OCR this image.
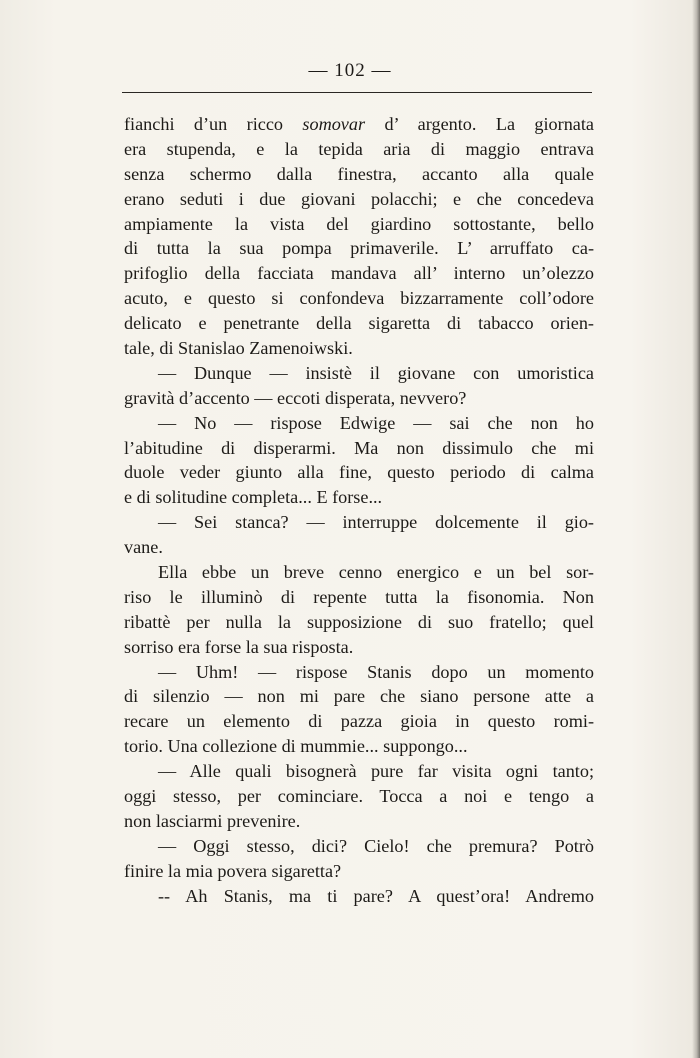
— 102 —
fianchi d’un ricco somovar d’ argento. La giornata
era stupenda, e la tepida aria di maggio entrava
senza schermo dalla finestra, accanto alla quale
erano seduti i due giovani polacchi; e che concedeva
ampiamente la vista del giardino sottostante, bello
di tutta la sua pompa primaverile. L’ arruffato ca-
prifoglio della facciata mandava all’ interno un’olezzo
acuto, e questo si confondeva bizzarramente coll’odore
delicato e penetrante della sigaretta di tabacco orien-
tale, di Stanislao Zamenoiwski.
— Dunque — insistè il giovane con umoristica
gravità d’accento — eccoti disperata, nevvero?
— No — rispose Edwige — sai che non ho
l’abitudine di disperarmi. Ma non dissimulo che mi
duole veder giunto alla fine, questo periodo di calma
e di solitudine completa... E forse...
— Sei stanca? — interruppe dolcemente il gio-
vane.
Ella ebbe un breve cenno energico e un bel sor-
riso le illuminò di repente tutta la fisonomia. Non
ribattè per nulla la supposizione di suo fratello; quel
sorriso era forse la sua risposta.
— Uhm! — rispose Stanis dopo un momento
di silenzio — non mi pare che siano persone atte a
recare un elemento di pazza gioia in questo romi-
torio. Una collezione di mummie... suppongo...
— Alle quali bisognerà pure far visita ogni tanto;
oggi stesso, per cominciare. Tocca a noi e tengo a
non lasciarmi prevenire.
— Oggi stesso, dici? Cielo! che premura? Potrò
finire la mia povera sigaretta?
-- Ah Stanis, ma ti pare? A quest’ora! Andremo
